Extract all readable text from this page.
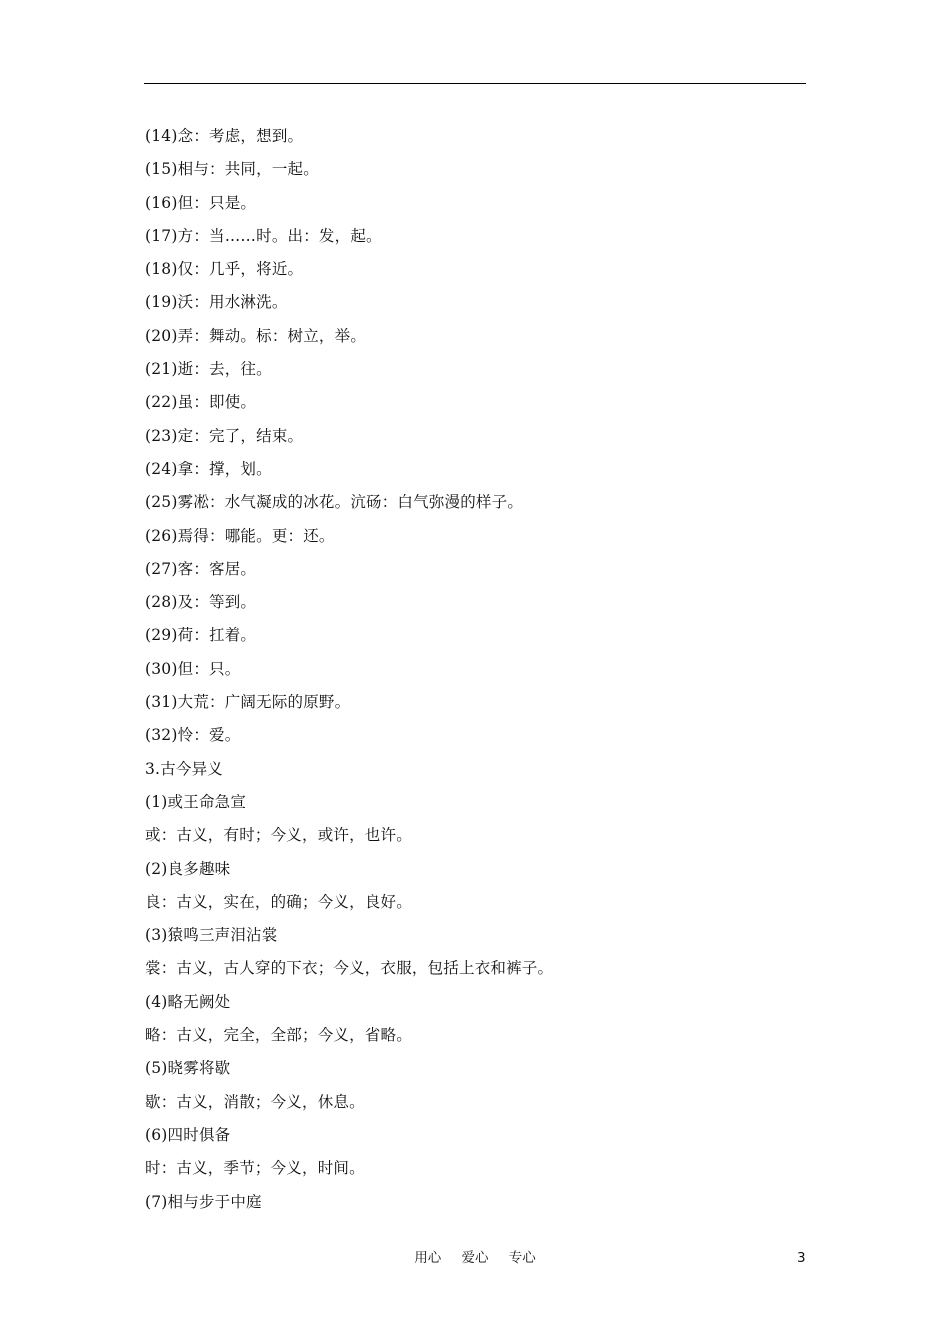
(14)念：考虑，想到。
(15)相与：共同，一起。
(16)但：只是。
(17)方：当……时。出：发，起。
(18)仅：几乎，将近。
(19)沃：用水淋洗。
(20)弄：舞动。标：树立，举。
(21)逝：去，往。
(22)虽：即使。
(23)定：完了，结束。
(24)拿：撑，划。
(25)雾凇：水气凝成的冰花。沆砀：白气弥漫的样子。
(26)焉得：哪能。更：还。
(27)客：客居。
(28)及：等到。
(29)荷：扛着。
(30)但：只。
(31)大荒：广阔无际的原野。
(32)怜：爱。
3.古今异义
(1)或王命急宣
或：古义，有时；今义，或许，也许。
(2)良多趣味
良：古义，实在，的确；今义，良好。
(3)猿鸣三声泪沾裳
裳：古义，古人穿的下衣；今义，衣服，包括上衣和裤子。
(4)略无阙处
略：古义，完全，全部；今义，省略。
(5)晓雾将歇
歇：古义，消散；今义，休息。
(6)四时俱备
时：古义，季节；今义，时间。
(7)相与步于中庭
用心 爱心 专心	3
